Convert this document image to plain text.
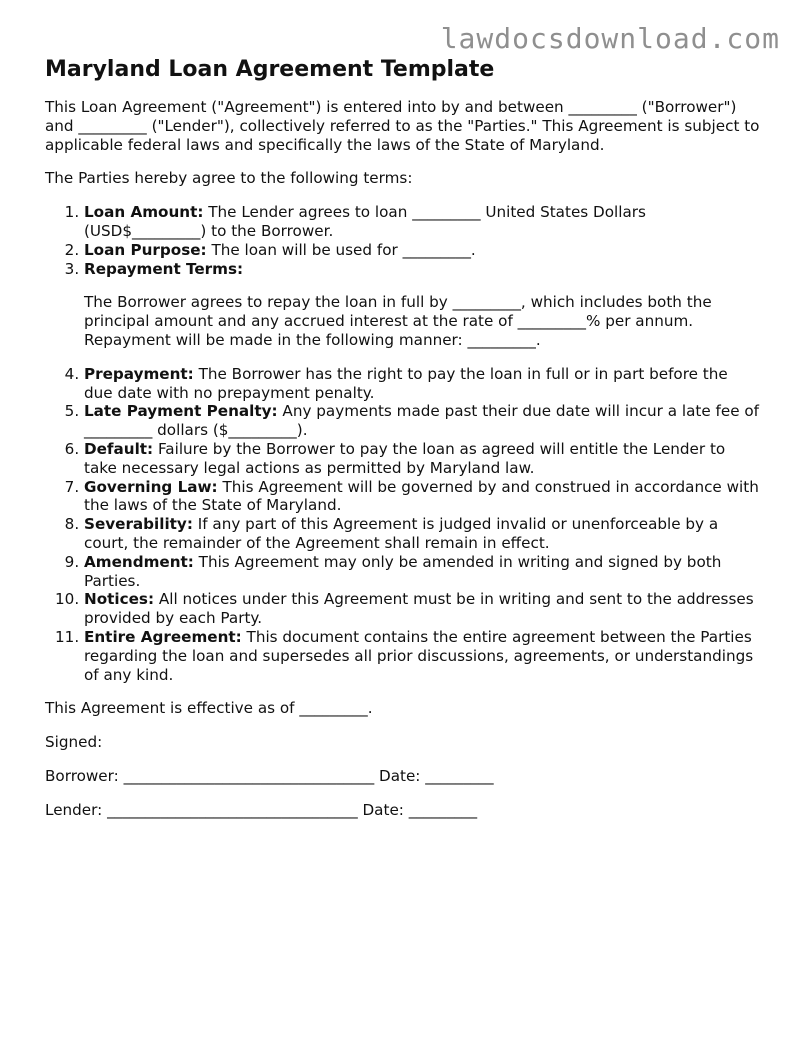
lawdocsdownload.com
Maryland Loan Agreement Template

This Loan Agreement ("Agreement") is entered into by and between _________ ("Borrower") and _________ ("Lender"), collectively referred to as the "Parties." This Agreement is subject to applicable federal laws and specifically the laws of the State of Maryland.

The Parties hereby agree to the following terms:

1. Loan Amount: The Lender agrees to loan _________ United States Dollars (USD$_________) to the Borrower.
2. Loan Purpose: The loan will be used for _________.
3. Repayment Terms:
The Borrower agrees to repay the loan in full by _________, which includes both the principal amount and any accrued interest at the rate of _________% per annum. Repayment will be made in the following manner: _________.
4. Prepayment: The Borrower has the right to pay the loan in full or in part before the due date with no prepayment penalty.
5. Late Payment Penalty: Any payments made past their due date will incur a late fee of _________ dollars ($_________).
6. Default: Failure by the Borrower to pay the loan as agreed will entitle the Lender to take necessary legal actions as permitted by Maryland law.
7. Governing Law: This Agreement will be governed by and construed in accordance with the laws of the State of Maryland.
8. Severability: If any part of this Agreement is judged invalid or unenforceable by a court, the remainder of the Agreement shall remain in effect.
9. Amendment: This Agreement may only be amended in writing and signed by both Parties.
10. Notices: All notices under this Agreement must be in writing and sent to the addresses provided by each Party.
11. Entire Agreement: This document contains the entire agreement between the Parties regarding the loan and supersedes all prior discussions, agreements, or understandings of any kind.

This Agreement is effective as of _________.

Signed:

Borrower: _________________________________ Date: _________

Lender: _________________________________ Date: _________
